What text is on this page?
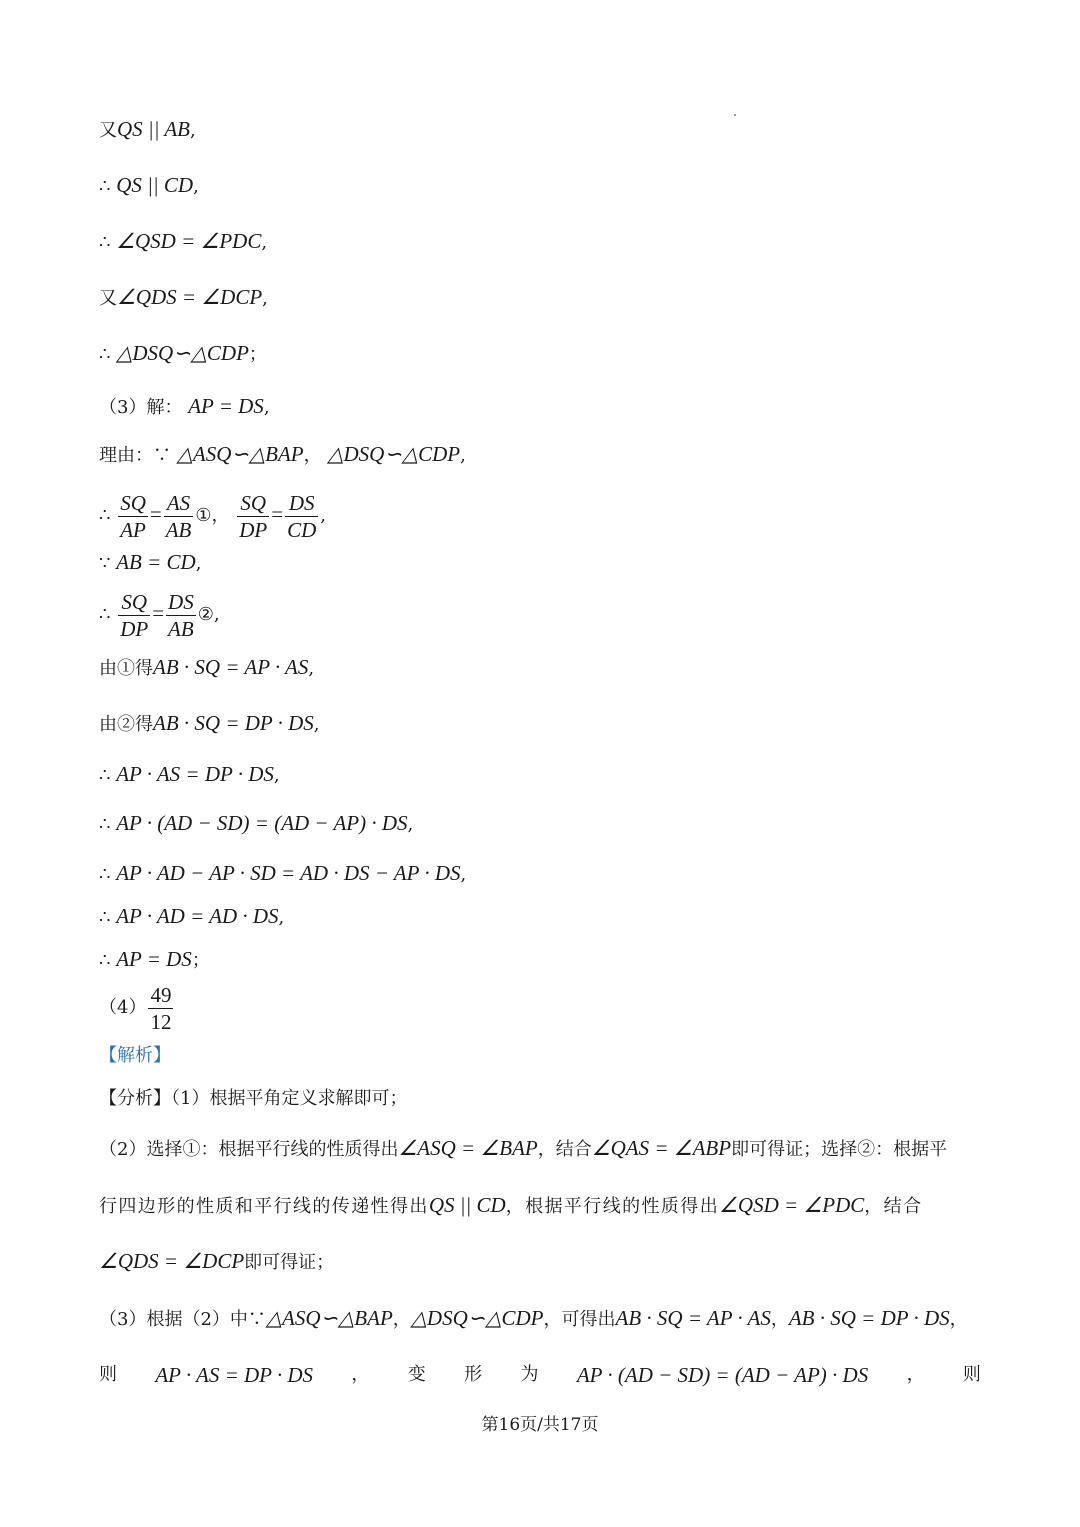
又QS || AB,
∴ QS || CD,
∴ ∠QSD = ∠PDC,
又∠QDS = ∠DCP,
∴ △DSQ∽△CDP；
（3）解： AP = DS,
理由：∵ △ASQ∽△BAP， △DSQ∽△CDP,
∴ $\frac{SQ}{AP} = \frac{AS}{AB}$ ①， $\frac{SQ}{DP} = \frac{DS}{CD}$ ,
∵ AB = CD,
∴ $\frac{SQ}{DP} = \frac{DS}{AB}$ ②,
由①得AB · SQ = AP · AS,
由②得AB · SQ = DP · DS,
∴ AP · AS = DP · DS,
∴ AP · (AD − SD) = (AD − AP) · DS,
∴ AP · AD − AP · SD = AD · DS − AP · DS,
∴ AP · AD = AD · DS,
∴ AP = DS；
$(4) \frac{49}{12}$
【解析】
【分析】（1）根据平角定义求解即可；
（2）选择①：根据平行线的性质得出∠ASQ = ∠BAP，结合∠QAS = ∠ABP即可得证；选择②：根据平
行四边形的性质和平行线的传递性得出QS || CD，根据平行线的性质得出∠QSD = ∠PDC，结合
∠QDS = ∠DCP即可得证；
（3）根据（2）中∵△ASQ∽△BAP，△DSQ∽△CDP，可得出AB · SQ = AP · AS，AB · SQ = DP · DS，
则 AP · AS = DP · DS ， 变 形 为 AP · (AD − SD) = (AD − AP) · DS ， 则
第16页/共17页
